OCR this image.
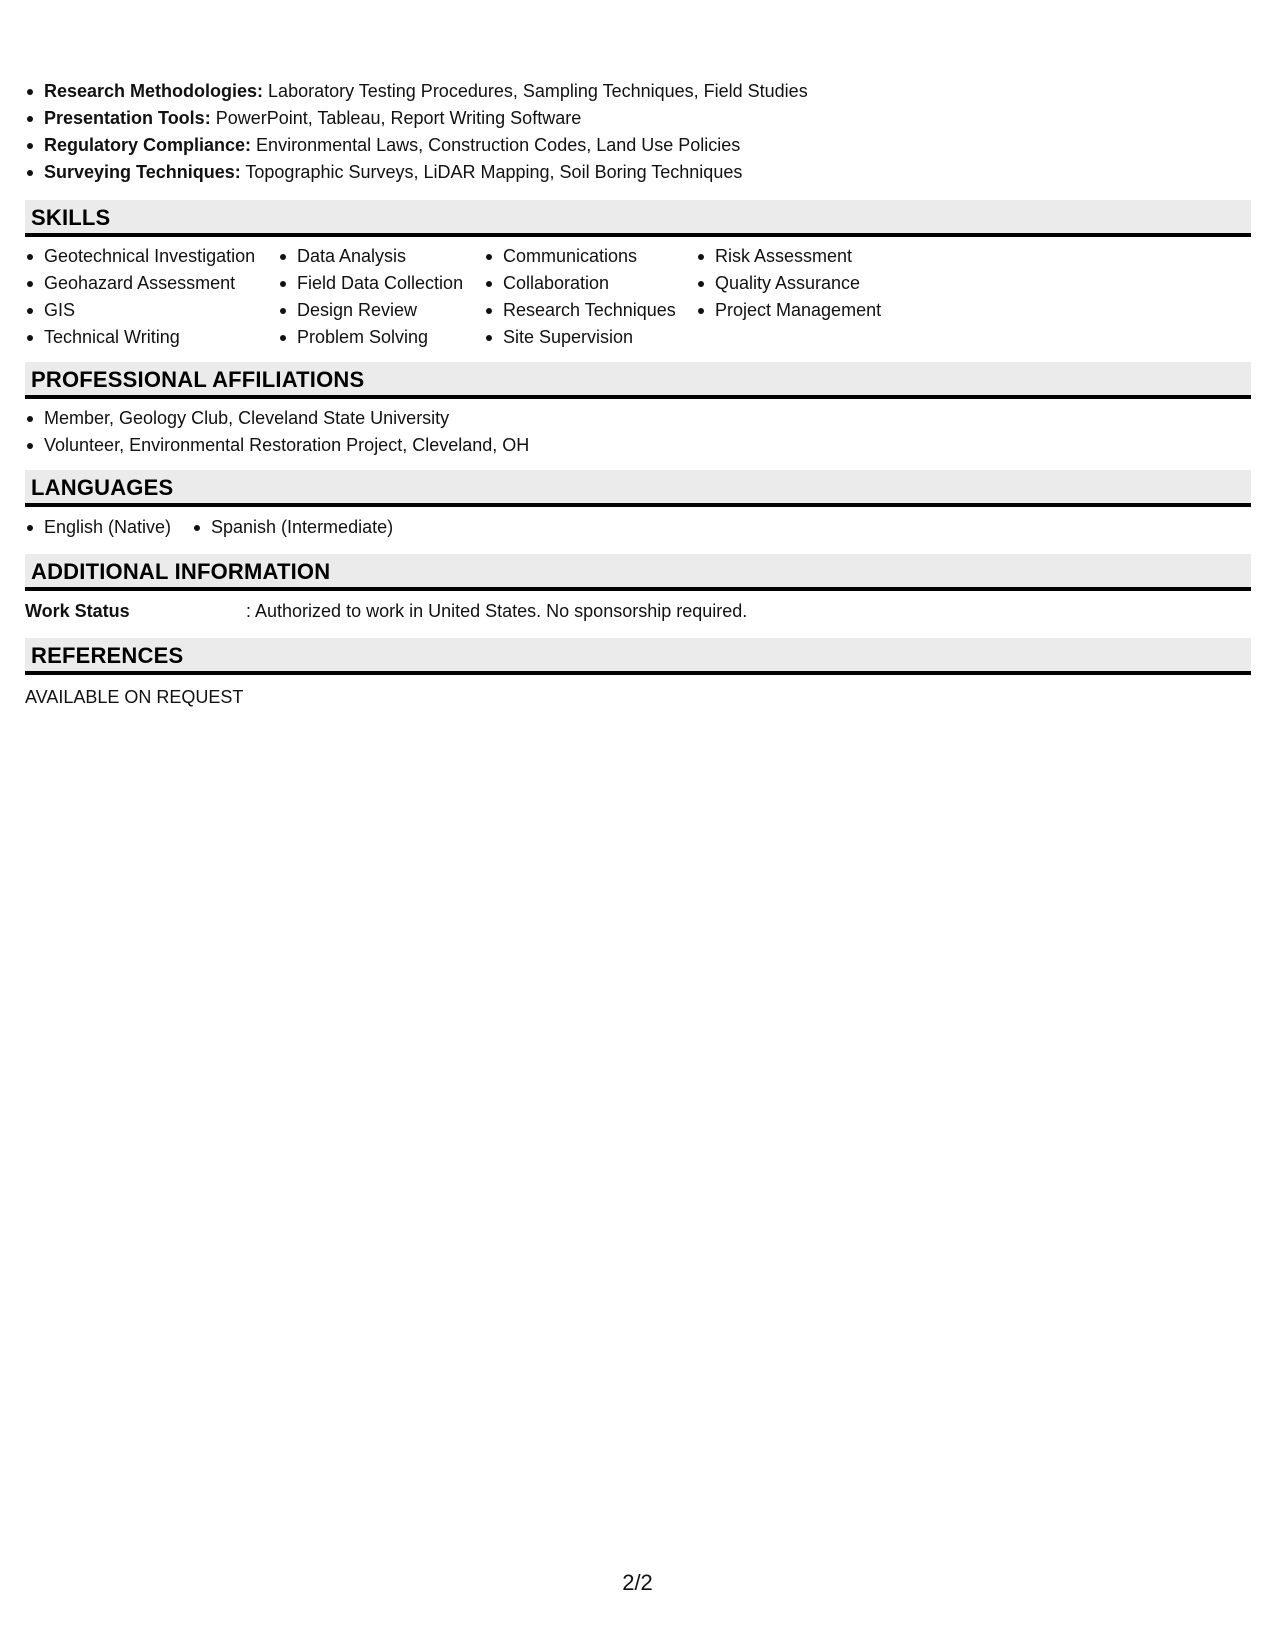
Research Methodologies: Laboratory Testing Procedures, Sampling Techniques, Field Studies
Presentation Tools: PowerPoint, Tableau, Report Writing Software
Regulatory Compliance: Environmental Laws, Construction Codes, Land Use Policies
Surveying Techniques: Topographic Surveys, LiDAR Mapping, Soil Boring Techniques
SKILLS
Geotechnical Investigation
Geohazard Assessment
GIS
Technical Writing
Data Analysis
Field Data Collection
Design Review
Problem Solving
Communications
Collaboration
Research Techniques
Site Supervision
Risk Assessment
Quality Assurance
Project Management
PROFESSIONAL AFFILIATIONS
Member, Geology Club, Cleveland State University
Volunteer, Environmental Restoration Project, Cleveland, OH
LANGUAGES
English (Native)	Spanish (Intermediate)
ADDITIONAL INFORMATION
Work Status	: Authorized to work in United States. No sponsorship required.
REFERENCES
AVAILABLE ON REQUEST
2/2
